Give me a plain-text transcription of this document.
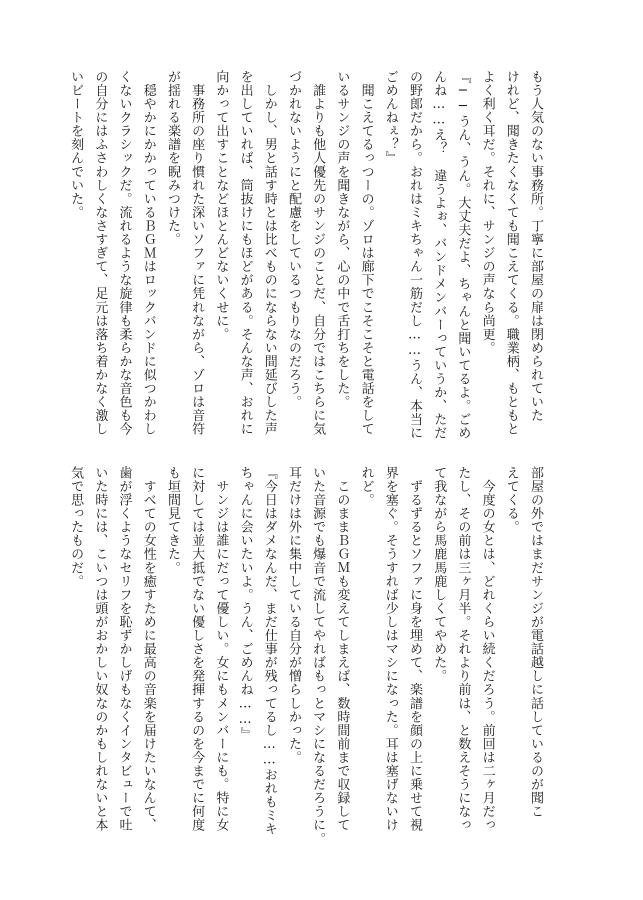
もう人気のない事務所。丁寧に部屋の扉は閉められていた

けれど、聞きたくなくても聞こえてくる。職業柄、もともと

よく利く耳だ。それに、サンジの声なら尚更。

『──うん、うん。大丈夫だよ、ちゃんと聞いてるよ。ごめ

んね……え？　違うよぉ、バンドメンバーっていうか、ただ

の野郎だから。おれはミキちゃん一筋だし……うん、本当に

ごめんねぇ？』

　聞こえてるっつーの。ゾロは廊下でこそこそと電話をして

いるサンジの声を聞きながら、心の中で舌打ちをした。

　誰よりも他人優先のサンジのことだ、自分ではこちらに気

づかれないようにと配慮をしているつもりなのだろう。

　しかし、男と話す時とは比べものにならない間延びした声

を出していれば、筒抜けにもほどがある。そんな声、おれに

向かって出すことなどほとんどないくせに。

　事務所の座り慣れた深いソファに凭れながら、ゾロは音符

が揺れる楽譜を睨みつけた。

　穏やかにかかっているＢＧＭはロックバンドに似つかわし

くないクラシックだ。流れるような旋律も柔らかな音色も今

の自分にはふさわしくなさすぎて、足元は落ち着かなく激し

いビートを刻んでいた。

部屋の外ではまだサンジが電話越しに話しているのが聞こ

えてくる。

　今度の女とは、どれくらい続くだろう。前回は二ヶ月だっ

たし、その前は三ヶ月半。それより前は、と数えそうになっ

て我ながら馬鹿馬鹿しくてやめた。

　ずるずるとソファに身を埋めて、楽譜を顔の上に乗せて視

界を塞ぐ。そうすれば少しはマシになった。耳は塞げないけ

れど。

　このままＢＧＭも変えてしまえば、数時間前まで収録して

いた音源でも爆音で流してやればもっとマシになるだろうに。

耳だけは外に集中している自分が憎らしかった。

『今日はダメなんだ、まだ仕事が残ってるし……おれもミキ

ちゃんに会いたいよ。うん、ごめんね……』

　サンジは誰にだって優しい。女にもメンバーにも。特に女

に対しては並大抵でない優しさを発揮するのを今までに何度

も垣間見てきた。

　すべての女性を癒すために最高の音楽を届けたいなんて、

歯が浮くようなセリフを恥ずかしげもなくインタビューで吐

いた時には、こいつは頭がおかしい奴なのかもしれないと本

気で思ったものだ。
